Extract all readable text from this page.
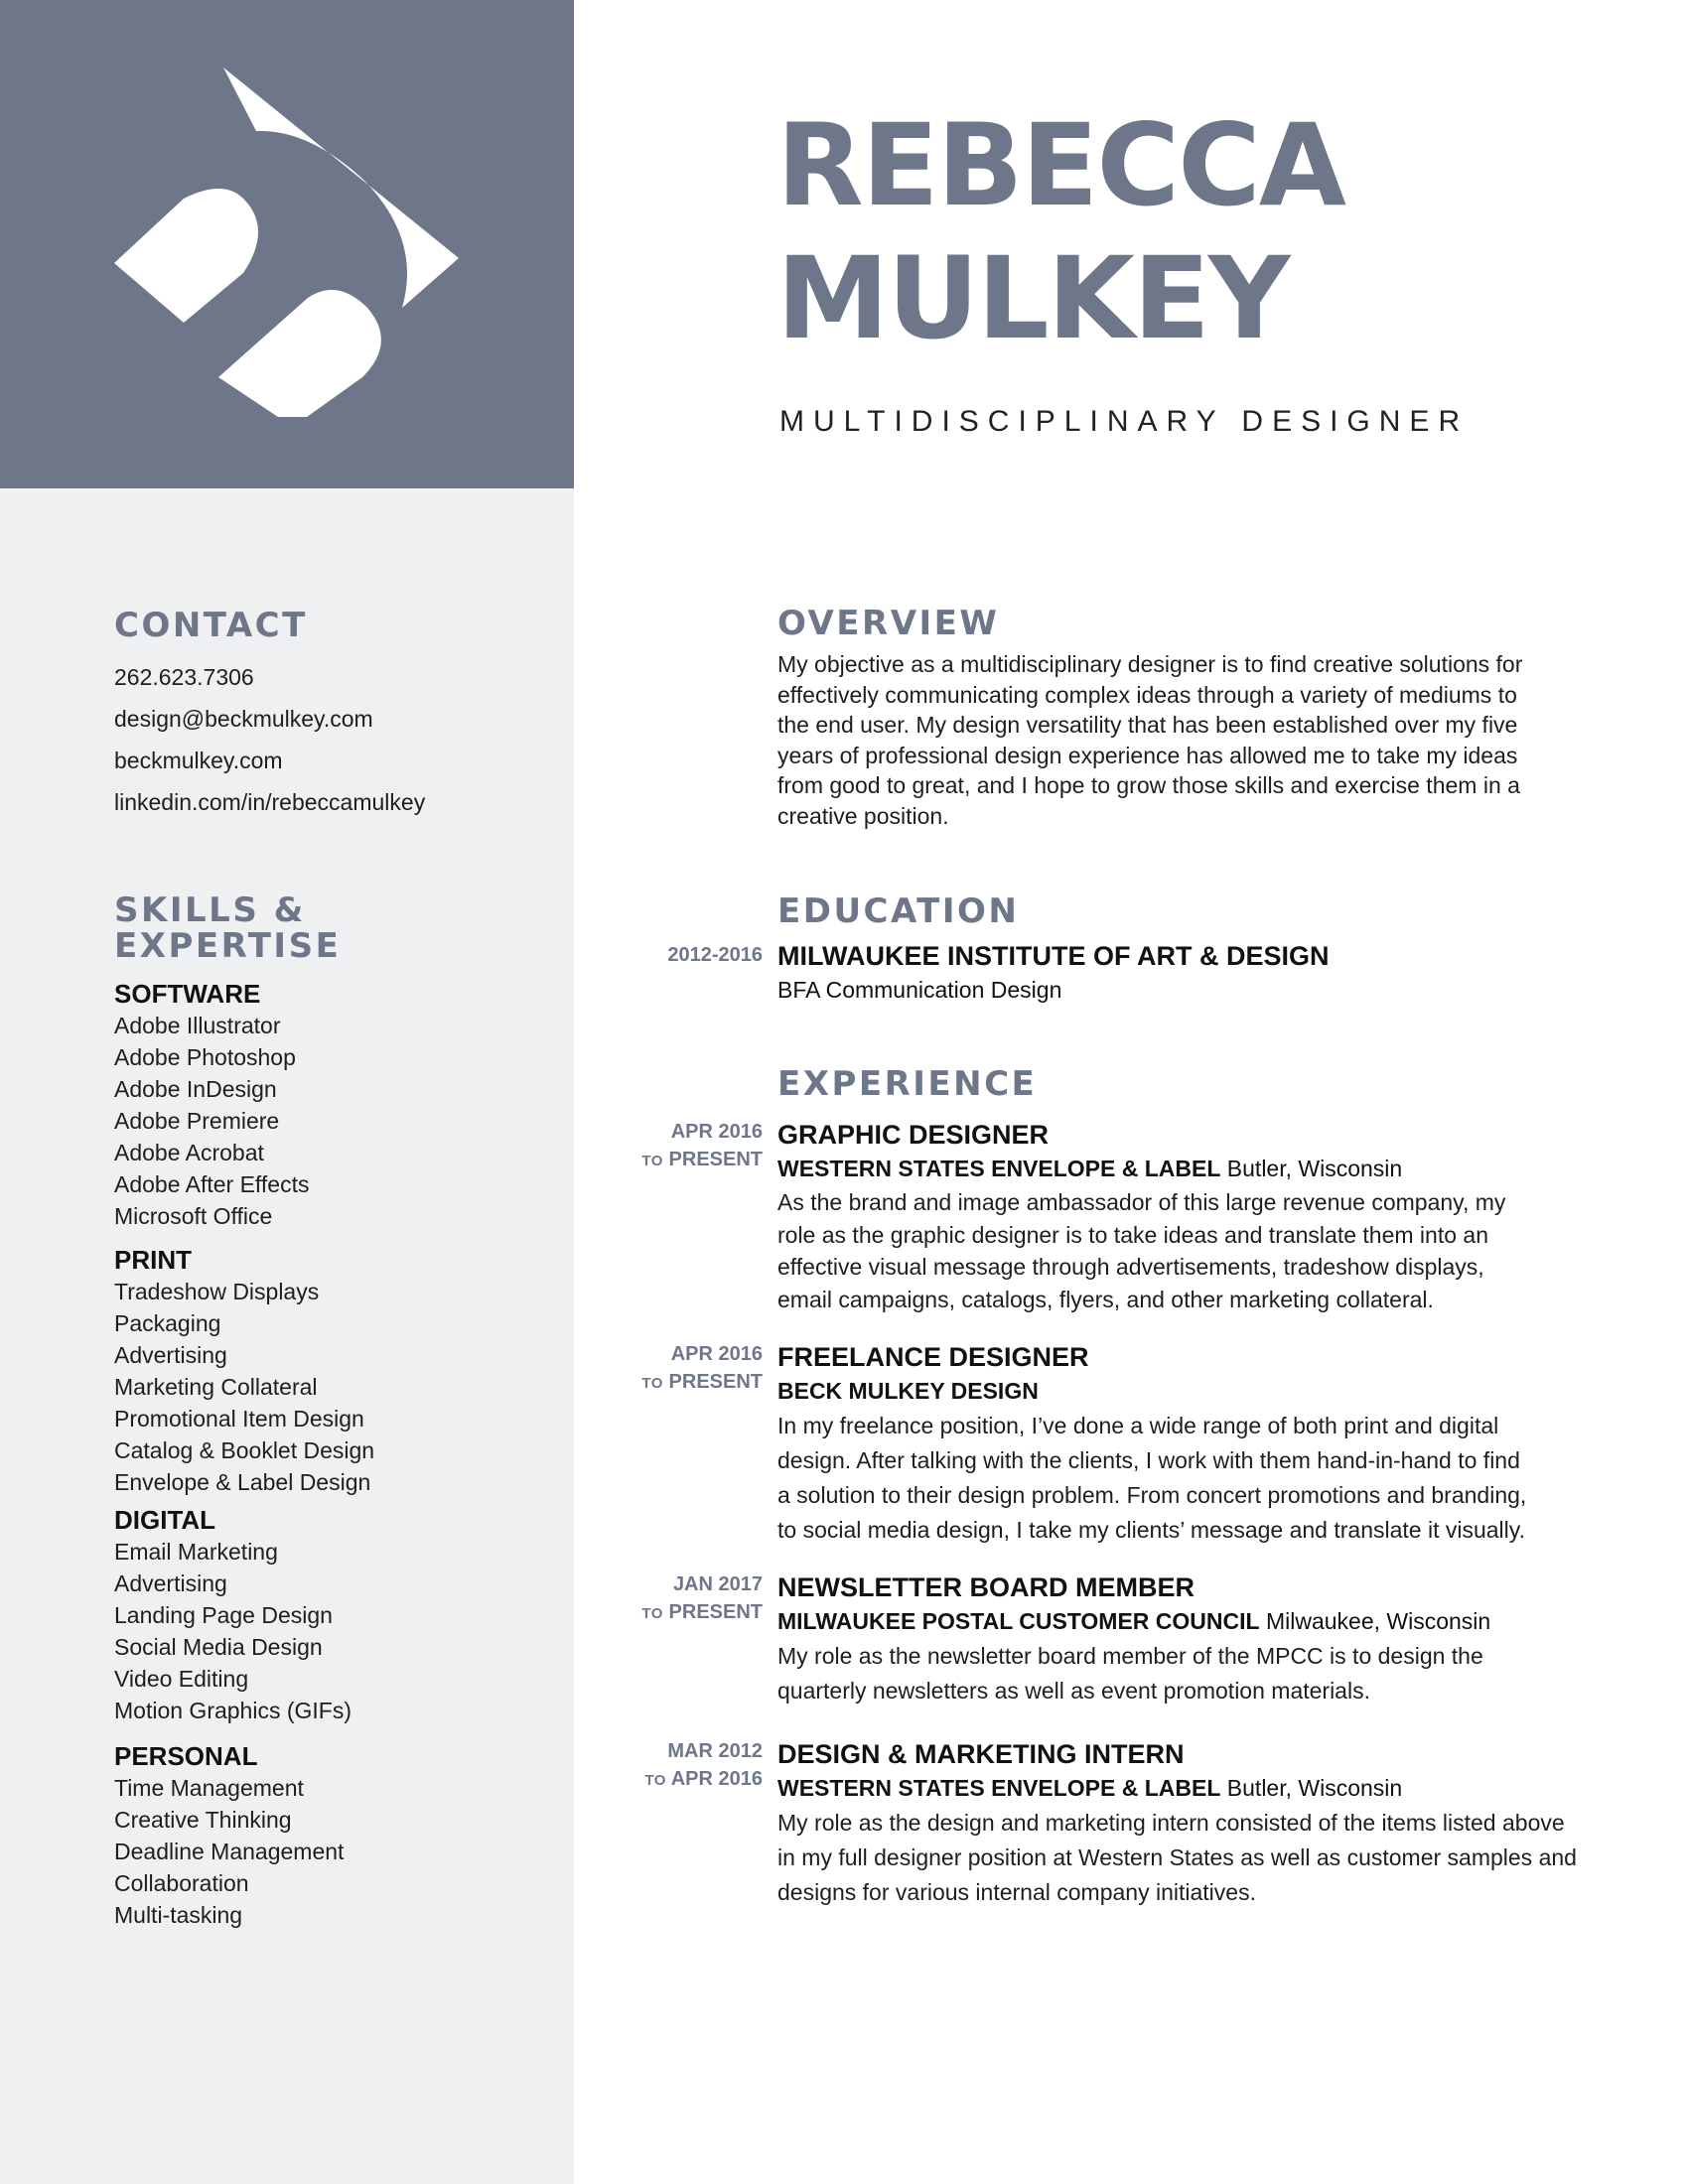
REBECCA
MULKEY
MULTIDISCIPLINARY DESIGNER
CONTACT
262.623.7306
design@beckmulkey.com
beckmulkey.com
linkedin.com/in/rebeccamulkey
SKILLS &
EXPERTISE
SOFTWARE
Adobe Illustrator
Adobe Photoshop
Adobe InDesign
Adobe Premiere
Adobe Acrobat
Adobe After Effects
Microsoft Office
PRINT
Tradeshow Displays
Packaging
Advertising
Marketing Collateral
Promotional Item Design
Catalog & Booklet Design
Envelope & Label Design
DIGITAL
Email Marketing
Advertising
Landing Page Design
Social Media Design
Video Editing
Motion Graphics (GIFs)
PERSONAL
Time Management
Creative Thinking
Deadline Management
Collaboration
Multi-tasking
OVERVIEW
My objective as a multidisciplinary designer is to find creative solutions for
effectively communicating complex ideas through a variety of mediums to
the end user. My design versatility that has been established over my five
years of professional design experience has allowed me to take my ideas
from good to great, and I hope to grow those skills and exercise them in a
creative position.
EDUCATION
2012-2016 MILWAUKEE INSTITUTE OF ART & DESIGN
BFA Communication Design
EXPERIENCE
APR 2016
TO PRESENT
GRAPHIC DESIGNER
WESTERN STATES ENVELOPE & LABEL Butler, Wisconsin
As the brand and image ambassador of this large revenue company, my
role as the graphic designer is to take ideas and translate them into an
effective visual message through advertisements, tradeshow displays,
email campaigns, catalogs, flyers, and other marketing collateral.
APR 2016
TO PRESENT
FREELANCE DESIGNER
BECK MULKEY DESIGN
In my freelance position, I’ve done a wide range of both print and digital
design. After talking with the clients, I work with them hand-in-hand to find
a solution to their design problem. From concert promotions and branding,
to social media design, I take my clients’ message and translate it visually.
JAN 2017
TO PRESENT
NEWSLETTER BOARD MEMBER
MILWAUKEE POSTAL CUSTOMER COUNCIL Milwaukee, Wisconsin
My role as the newsletter board member of the MPCC is to design the
quarterly newsletters as well as event promotion materials.
MAR 2012
TO APR 2016
DESIGN & MARKETING INTERN
WESTERN STATES ENVELOPE & LABEL Butler, Wisconsin
My role as the design and marketing intern consisted of the items listed above
in my full designer position at Western States as well as customer samples and
designs for various internal company initiatives.
